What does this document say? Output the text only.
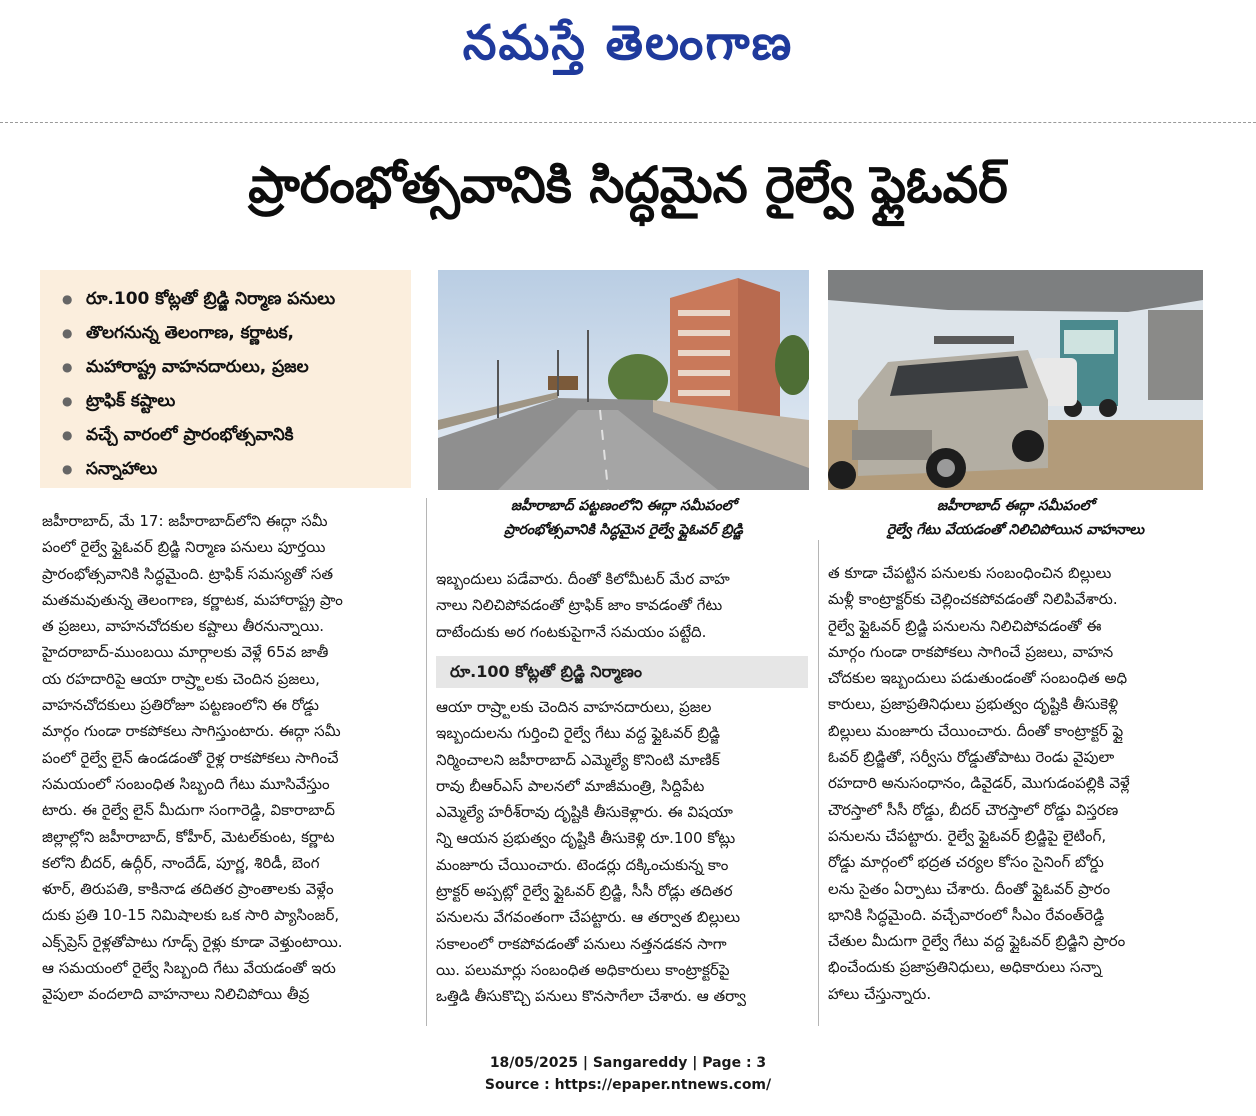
నమస్తే తెలంగాణ
ప్రారంభోత్సవానికి సిద్ధమైన రైల్వే ఫ్లైఓవర్
● రూ.100 కోట్లతో బ్రిడ్జి నిర్మాణ పనులు
● తొలగనున్న తెలంగాణ, కర్ణాటక,
● మహారాష్ట్ర వాహనదారులు, ప్రజల
● ట్రాఫిక్ కష్టాలు
● వచ్చే వారంలో ప్రారంభోత్సవానికి
● సన్నాహాలు
జహీరాబాద్ పట్టణంలోని ఈద్గా సమీపంలో
ప్రారంభోత్సవానికి సిద్ధమైన రైల్వే ఫ్లైఓవర్ బ్రిడ్జి
జహీరాబాద్ ఈద్గా సమీపంలో
రైల్వే గేటు వేయడంతో నిలిచిపోయిన వాహనాలు

జహీరాబాద్, మే 17: జహీరాబాద్‌లోని ఈద్గా సమీ

పంలో రైల్వే ఫ్లైఓవర్ బ్రిడ్జి నిర్మాణ పనులు పూర్తయి

ప్రారంభోత్సవానికి సిద్ధమైంది. ట్రాఫిక్ సమస్యతో సత

మతమవుతున్న తెలంగాణ, కర్ణాటక, మహారాష్ట్ర ప్రాం

త ప్రజలు, వాహనచోదకుల కష్టాలు తీరనున్నాయి.

హైదరాబాద్-ముంబయి మార్గాలకు వెళ్లే 65వ జాతీ

య రహదారిపై ఆయా రాష్ర్టాలకు చెందిన ప్రజలు,

వాహనచోదకులు ప్రతిరోజూ పట్టణంలోని ఈ రోడ్డు

మార్గం గుండా రాకపోకలు సాగిస్తుంటారు. ఈద్గా సమీ

పంలో రైల్వే లైన్ ఉండడంతో రైళ్ల రాకపోకలు సాగించే

సమయంలో సంబంధిత సిబ్బంది గేటు మూసివేస్తుం

టారు. ఈ రైల్వే లైన్ మీదుగా సంగారెడ్డి, వికారాబాద్

జిల్లాల్లోని జహీరాబాద్, కోహీర్, మెటల్‌కుంట, కర్ణాట

కలోని బీదర్, ఉద్గీర్, నాందేడ్, పూర్ణ, శిరిడీ, బెంగ

ళూర్, తిరుపతి, కాకినాడ తదితర ప్రాంతాలకు వెళ్లేం

దుకు ప్రతి 10-15 నిమిషాలకు ఒక సారి ప్యాసింజర్,

ఎక్స్‌ప్రెస్ రైళ్లతోపాటు గూడ్స్ రైళ్లు కూడా వెళ్తుంటాయి.

ఆ సమయంలో రైల్వే సిబ్బంది గేటు వేయడంతో ఇరు

వైపులా వందలాది వాహనాలు నిలిచిపోయి తీవ్ర

ఇబ్బందులు పడేవారు. దీంతో కిలోమీటర్ మేర వాహ

నాలు నిలిచిపోవడంతో ట్రాఫిక్ జాం కావడంతో గేటు

దాటేందుకు అర గంటకుపైగానే సమయం పట్టేది.

రూ.100 కోట్లతో బ్రిడ్జి నిర్మాణం

ఆయా రాష్ర్టాలకు చెందిన వాహనదారులు, ప్రజల

ఇబ్బందులను గుర్తించి రైల్వే గేటు వద్ద ఫ్లైఓవర్ బ్రిడ్జి

నిర్మించాలని జహీరాబాద్ ఎమ్మెల్యే కొనింటి మాణిక్

రావు బీఆర్ఎస్ పాలనలో మాజీమంత్రి, సిద్దిపేట

ఎమ్మెల్యే హరీశ్‌రావు దృష్టికి తీసుకెళ్లారు. ఈ విషయా

న్ని ఆయన ప్రభుత్వం దృష్టికి తీసుకెళ్లి రూ.100 కోట్లు

మంజూరు చేయించారు. టెండర్లు దక్కించుకున్న కాం

ట్రాక్టర్ అప్పట్లో రైల్వే ఫ్లైఓవర్ బ్రిడ్జి, సీసీ రోడ్లు తదితర

పనులను వేగవంతంగా చేపట్టారు. ఆ తర్వాత బిల్లులు

సకాలంలో రాకపోవడంతో పనులు నత్తనడకన సాగా

యి. పలుమార్లు సంబంధిత అధికారులు కాంట్రాక్టర్‌పై

ఒత్తిడి తీసుకొచ్చి పనులు కొనసాగేలా చేశారు. ఆ తర్వా

త కూడా చేపట్టిన పనులకు సంబంధించిన బిల్లులు

మళ్లీ కాంట్రాక్టర్‌కు చెల్లించకపోవడంతో నిలిపివేశారు.

రైల్వే ఫ్లైఓవర్ బ్రిడ్జి పనులను నిలిచిపోవడంతో ఈ

మార్గం గుండా రాకపోకలు సాగించే ప్రజలు, వాహన

చోదకుల ఇబ్బందులు పడుతుండంతో సంబంధిత అధి

కారులు, ప్రజాప్రతినిధులు ప్రభుత్వం దృష్టికి తీసుకెళ్లి

బిల్లులు మంజూరు చేయించారు. దీంతో కాంట్రాక్టర్ ఫ్లై

ఓవర్ బ్రిడ్జితో, సర్వీసు రోడ్డుతోపాటు రెండు వైపులా

రహదారి అనుసంధానం, డివైడర్, మొగుడంపల్లికి వెళ్లే

చౌరస్తాలో సీసీ రోడ్డు, బీదర్ చౌరస్తాలో రోడ్డు విస్తరణ

పనులను చేపట్టారు. రైల్వే ఫ్లైఓవర్ బ్రిడ్జిపై లైటింగ్,

రోడ్డు మార్గంలో భద్రత చర్యల కోసం సైనింగ్ బోర్డు

లను సైతం ఏర్పాటు చేశారు. దీంతో ఫ్లైఓవర్ ప్రారం

భానికి సిద్ధమైంది. వచ్చేవారంలో సీఎం రేవంత్‌రెడ్డి

చేతుల మీదుగా రైల్వే గేటు వద్ద ఫ్లైఓవర్ బ్రిడ్జిని ప్రారం

భించేందుకు ప్రజాప్రతినిధులు, అధికారులు సన్నా

హాలు చేస్తున్నారు.

18/05/2025 | Sangareddy | Page : 3
Source : https://epaper.ntnews.com/
